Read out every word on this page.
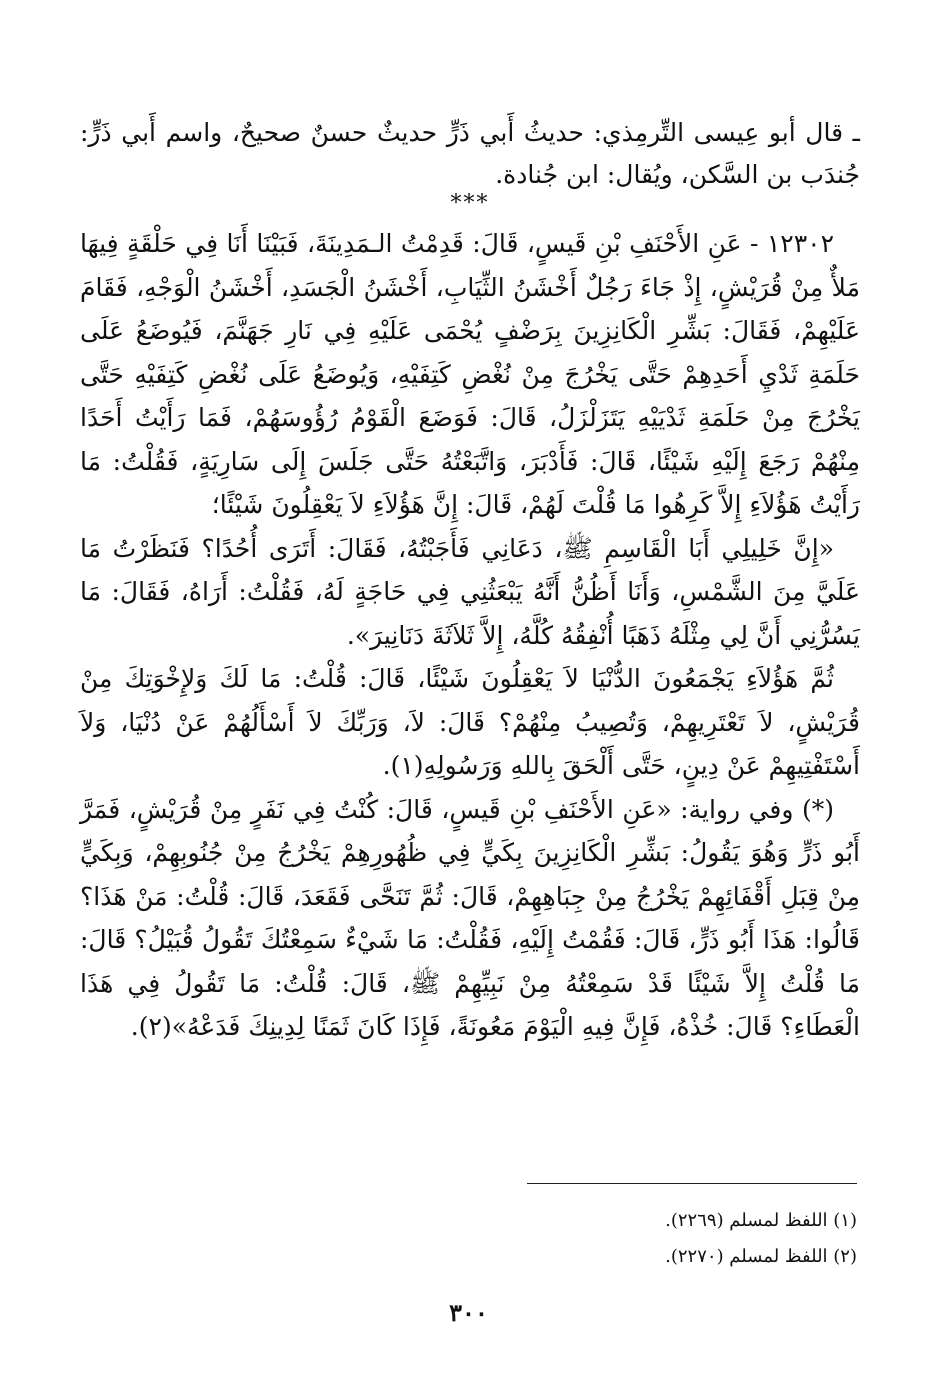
ـ قال أبو عِيسى التِّرمِذي: حديثُ أَبي ذَرٍّ حديثٌ حسنٌ صحيحٌ، واسم أَبي ذَرٍّ: جُندَب بن السَّكن، ويُقال: ابن جُنادة.

***

١٢٣٠٢ - عَنِ الأَحْنَفِ بْنِ قَيسٍ، قَالَ: قَدِمْتُ الـمَدِينَةَ، فَبَيْنَا أَنَا فِي حَلْقَةٍ فِيهَا مَلأٌ مِنْ قُرَيْشٍ، إِذْ جَاءَ رَجُلٌ أَخْشَنُ الثِّيَابِ، أَخْشَنُ الْجَسَدِ، أَخْشَنُ الْوَجْهِ، فَقَامَ عَلَيْهِمْ، فَقَالَ: بَشِّرِ الْكَانِزِينَ بِرَضْفٍ يُحْمَى عَلَيْهِ فِي نَارِ جَهَنَّمَ، فَيُوضَعُ عَلَى حَلَمَةِ ثَدْيِ أَحَدِهِمْ حَتَّى يَخْرُجَ مِنْ نُغْضِ كَتِفَيْهِ، وَيُوضَعُ عَلَى نُغْضِ كَتِفَيْهِ حَتَّى يَخْرُجَ مِنْ حَلَمَةِ ثَدْيَيْهِ يَتَزَلْزَلُ، قَالَ: فَوَضَعَ الْقَوْمُ رُؤُوسَهُمْ، فَمَا رَأَيْتُ أَحَدًا مِنْهُمْ رَجَعَ إِلَيْهِ شَيْئًا، قَالَ: فَأَدْبَرَ، وَاتَّبَعْتُهُ حَتَّى جَلَسَ إِلَى سَارِيَةٍ، فَقُلْتُ: مَا رَأَيْتُ هَؤُلاَءِ إِلاَّ كَرِهُوا مَا قُلْتَ لَهُمْ، قَالَ: إِنَّ هَؤُلاَءِ لاَ يَعْقِلُونَ شَيْئًا؛

«إِنَّ خَلِيلِي أَبَا الْقَاسِمِ ﷺ، دَعَانِي فَأَجَبْتُهُ، فَقَالَ: أَتَرَى أُحُدًا؟ فَنَظَرْتُ مَا عَلَيَّ مِنَ الشَّمْسِ، وَأَنَا أَظُنُّ أَنَّهُ يَبْعَثُنِي فِي حَاجَةٍ لَهُ، فَقُلْتُ: أَرَاهُ، فَقَالَ: مَا يَسُرُّنِي أَنَّ لِي مِثْلَهُ ذَهَبًا أُنْفِقُهُ كُلَّهُ، إِلاَّ ثَلاَثَةَ دَنَانِيرَ».

ثُمَّ هَؤُلاَءِ يَجْمَعُونَ الدُّنْيَا لاَ يَعْقِلُونَ شَيْئًا، قَالَ: قُلْتُ: مَا لَكَ وَلإِخْوَتِكَ مِنْ قُرَيْشٍ، لاَ تَعْتَرِيهِمْ، وَتُصِيبُ مِنْهُمْ؟ قَالَ: لاَ، وَرَبِّكَ لاَ أَسْأَلُهُمْ عَنْ دُنْيَا، وَلاَ أَسْتَفْتِيهِمْ عَنْ دِينٍ، حَتَّى أَلْحَقَ بِاللهِ وَرَسُولِهِ(١).

(*) وفي رواية: «عَنِ الأَحْنَفِ بْنِ قَيسٍ، قَالَ: كُنْتُ فِي نَفَرٍ مِنْ قُرَيْشٍ، فَمَرَّ أَبُو ذَرٍّ وَهُوَ يَقُولُ: بَشِّرِ الْكَانِزِينَ بِكَيٍّ فِي ظُهُورِهِمْ يَخْرُجُ مِنْ جُنُوبِهِمْ، وَبِكَيٍّ مِنْ قِبَلِ أَقْفَائِهِمْ يَخْرُجُ مِنْ جِبَاهِهِمْ، قَالَ: ثُمَّ تَنَحَّى فَقَعَدَ، قَالَ: قُلْتُ: مَنْ هَذَا؟ قَالُوا: هَذَا أَبُو ذَرٍّ، قَالَ: فَقُمْتُ إِلَيْهِ، فَقُلْتُ: مَا شَيْءٌ سَمِعْتُكَ تَقُولُ قُبَيْلُ؟ قَالَ: مَا قُلْتُ إِلاَّ شَيْئًا قَدْ سَمِعْتُهُ مِنْ نَبِيِّهِمْ ﷺ، قَالَ: قُلْتُ: مَا تَقُولُ فِي هَذَا الْعَطَاءِ؟ قَالَ: خُذْهُ، فَإِنَّ فِيهِ الْيَوْمَ مَعُونَةً، فَإِذَا كَانَ ثَمَنًا لِدِينِكَ فَدَعْهُ»(٢).

(١) اللفظ لمسلم (٢٢٦٩).

(٢) اللفظ لمسلم (٢٢٧٠).

٣٠٠
